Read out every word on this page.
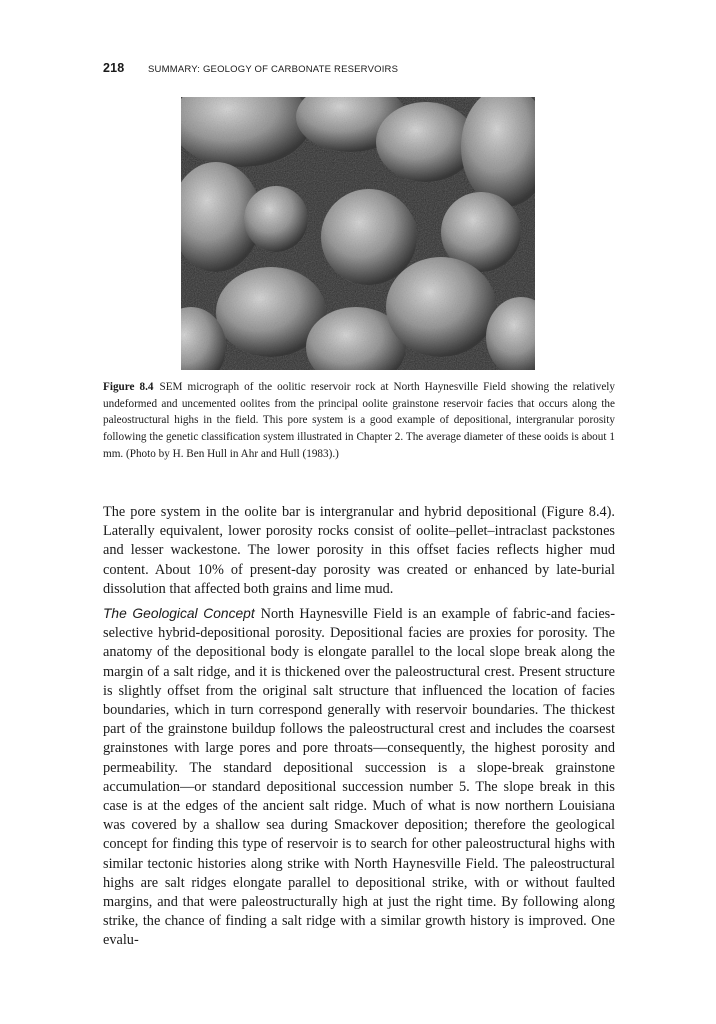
218 SUMMARY: GEOLOGY OF CARBONATE RESERVOIRS
Figure 8.4 SEM micrograph of the oolitic reservoir rock at North Haynesville Field showing the relatively undeformed and uncemented oolites from the principal oolite grainstone reservoir facies that occurs along the paleostructural highs in the field. This pore system is a good example of depositional, intergranular porosity following the genetic classification system illustrated in Chapter 2. The average diameter of these ooids is about 1 mm. (Photo by H. Ben Hull in Ahr and Hull (1983).)
The pore system in the oolite bar is intergranular and hybrid depositional (Figure 8.4). Laterally equivalent, lower porosity rocks consist of oolite–pellet–intraclast packstones and lesser wackestone. The lower porosity in this offset facies reflects higher mud content. About 10% of present-day porosity was created or enhanced by late-burial dissolution that affected both grains and lime mud.
The Geological Concept North Haynesville Field is an example of fabric-and facies-selective hybrid-depositional porosity. Depositional facies are proxies for porosity. The anatomy of the depositional body is elongate parallel to the local slope break along the margin of a salt ridge, and it is thickened over the paleostructural crest. Present structure is slightly offset from the original salt structure that influenced the location of facies boundaries, which in turn correspond generally with reservoir boundaries. The thickest part of the grainstone buildup follows the paleostructural crest and includes the coarsest grainstones with large pores and pore throats—consequently, the highest porosity and permeability. The standard depositional succession is a slope-break grainstone accumulation—or standard depositional succession number 5. The slope break in this case is at the edges of the ancient salt ridge. Much of what is now northern Louisiana was covered by a shallow sea during Smackover deposition; therefore the geological concept for finding this type of reservoir is to search for other paleostructural highs with similar tectonic histories along strike with North Haynesville Field. The paleostructural highs are salt ridges elongate parallel to depositional strike, with or without faulted margins, and that were paleostructurally high at just the right time. By following along strike, the chance of finding a salt ridge with a similar growth history is improved. One evalu-
